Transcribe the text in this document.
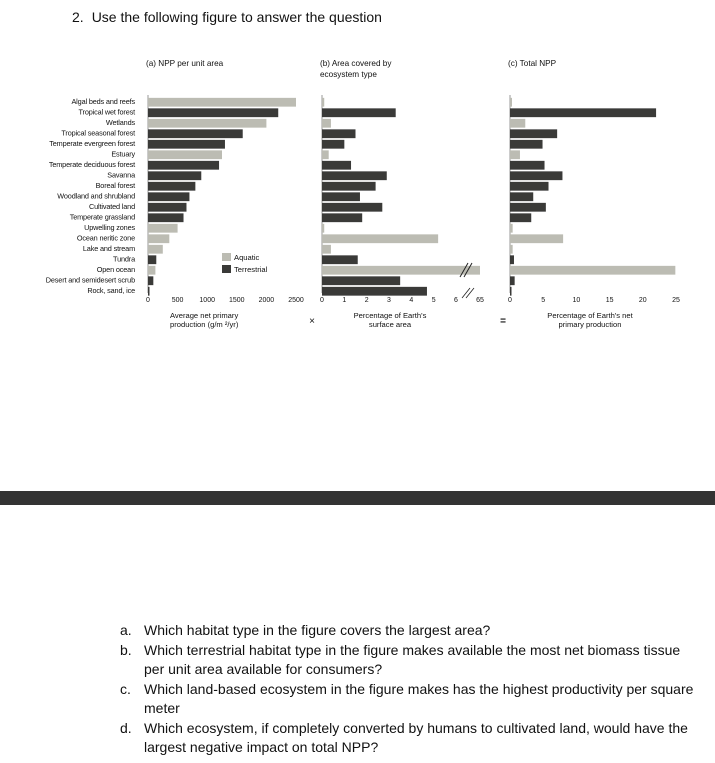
2. Use the following figure to answer the question
Algal beds and reefs
Tropical wet forest
Wetlands
Tropical seasonal forest
Temperate evergreen forest
Estuary
Temperate deciduous forest
Savanna
Boreal forest
Woodland and shrubland
Cultivated land
Temperate grassland
Upwelling zones
Ocean neritic zone
Lake and stream
Tundra
Open ocean
Desert and semidesert scrub
Rock, sand, ice
(a) NPP per unit area
0	500 1000 1500 2000 2500
Average net primary
production (g/m ²/yr)
(b) Area covered by
ecosystem type
0	1	2	3	4	5	6	65
Percentage of Earth's
surface area
(c) Total NPP
0	5	10	15	20	25
Percentage of Earth's net
primary production
Aquatic
Terrestrial
×	=
a. Which habitat type in the figure covers the largest area?
b. Which terrestrial habitat type in the figure makes available the most net biomass tissue per unit area available for consumers?
c. Which land-based ecosystem in the figure makes has the highest productivity per square meter
d. Which ecosystem, if completely converted by humans to cultivated land, would have the largest negative impact on total NPP?
